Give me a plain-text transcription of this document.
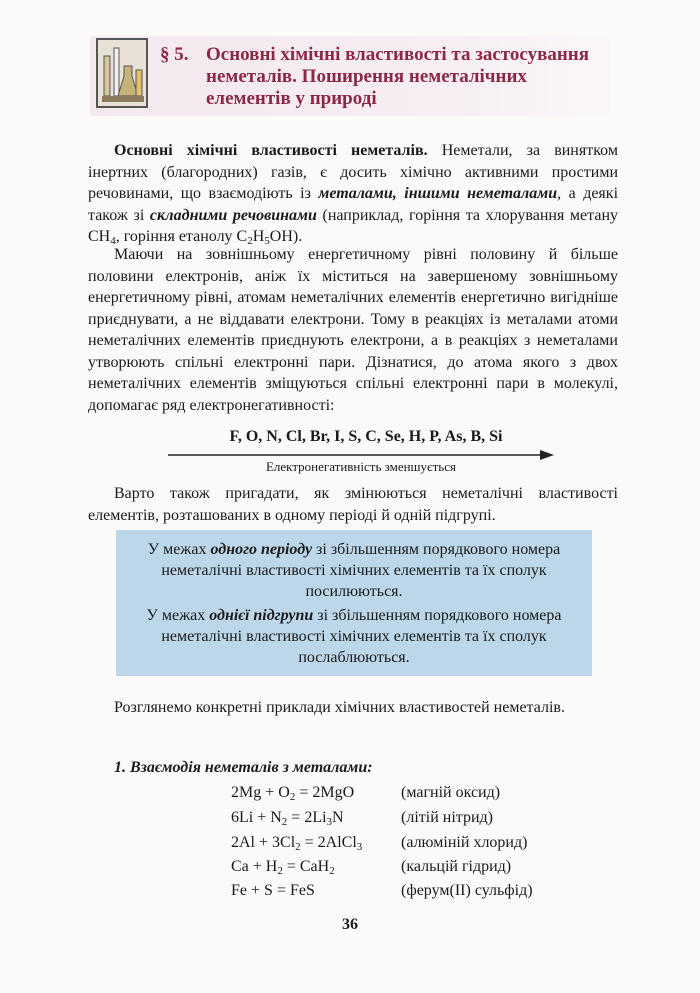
§ 5. Основні хімічні властивості та застосування неметалів. Поширення неметалічних елементів у природі

Основні хімічні властивості неметалів. Неметали, за винятком інертних (благородних) газів, є досить хімічно активними простими речовинами, що взаємодіють із металами, іншими неметалами, а деякі також зі складними речовинами (наприклад, горіння та хлорування метану $СН_4$, горіння етанолу $С_2Н_5ОН$).

Маючи на зовнішньому енергетичному рівні половину й більше половини електронів, аніж їх міститься на завершеному зовнішньому енергетичному рівні, атомам неметалічних елементів енергетично вигідніше приєднувати, а не віддавати електрони. Тому в реакціях із металами атоми неметалічних елементів приєднують електрони, а в реакціях з неметалами утворюють спільні електронні пари. Дізнатися, до атома якого з двох неметалічних елементів зміщуються спільні електронні пари в молекулі, допомагає ряд електронегативності:

F, O, N, Cl, Br, I, S, C, Se, H, P, As, B, Si
Електронегативність зменшується

Варто також пригадати, як змінюються неметалічні властивості елементів, розташованих в одному періоді й одній підгрупі.

У межах одного періоду зі збільшенням порядкового номера неметалічні властивості хімічних елементів та їх сполук посилюються.
У межах однієї підгрупи зі збільшенням порядкового номера неметалічні властивості хімічних елементів та їх сполук послаблюються.

Розглянемо конкретні приклади хімічних властивостей неметалів.

1. Взаємодія неметалів з металами:
$2Mg + O_2 = 2MgO$	(магній оксид)
$6Li + N_2 = 2Li_3N$	(літій нітрид)
$2Al + 3Cl_2$ = 2AlCl$_3$ (алюміній хлорид)
$Ca + H_2 = CaH_2$	(кальцій гідрид)
Fe + S = FeS	(ферум(II) сульфід)
36
